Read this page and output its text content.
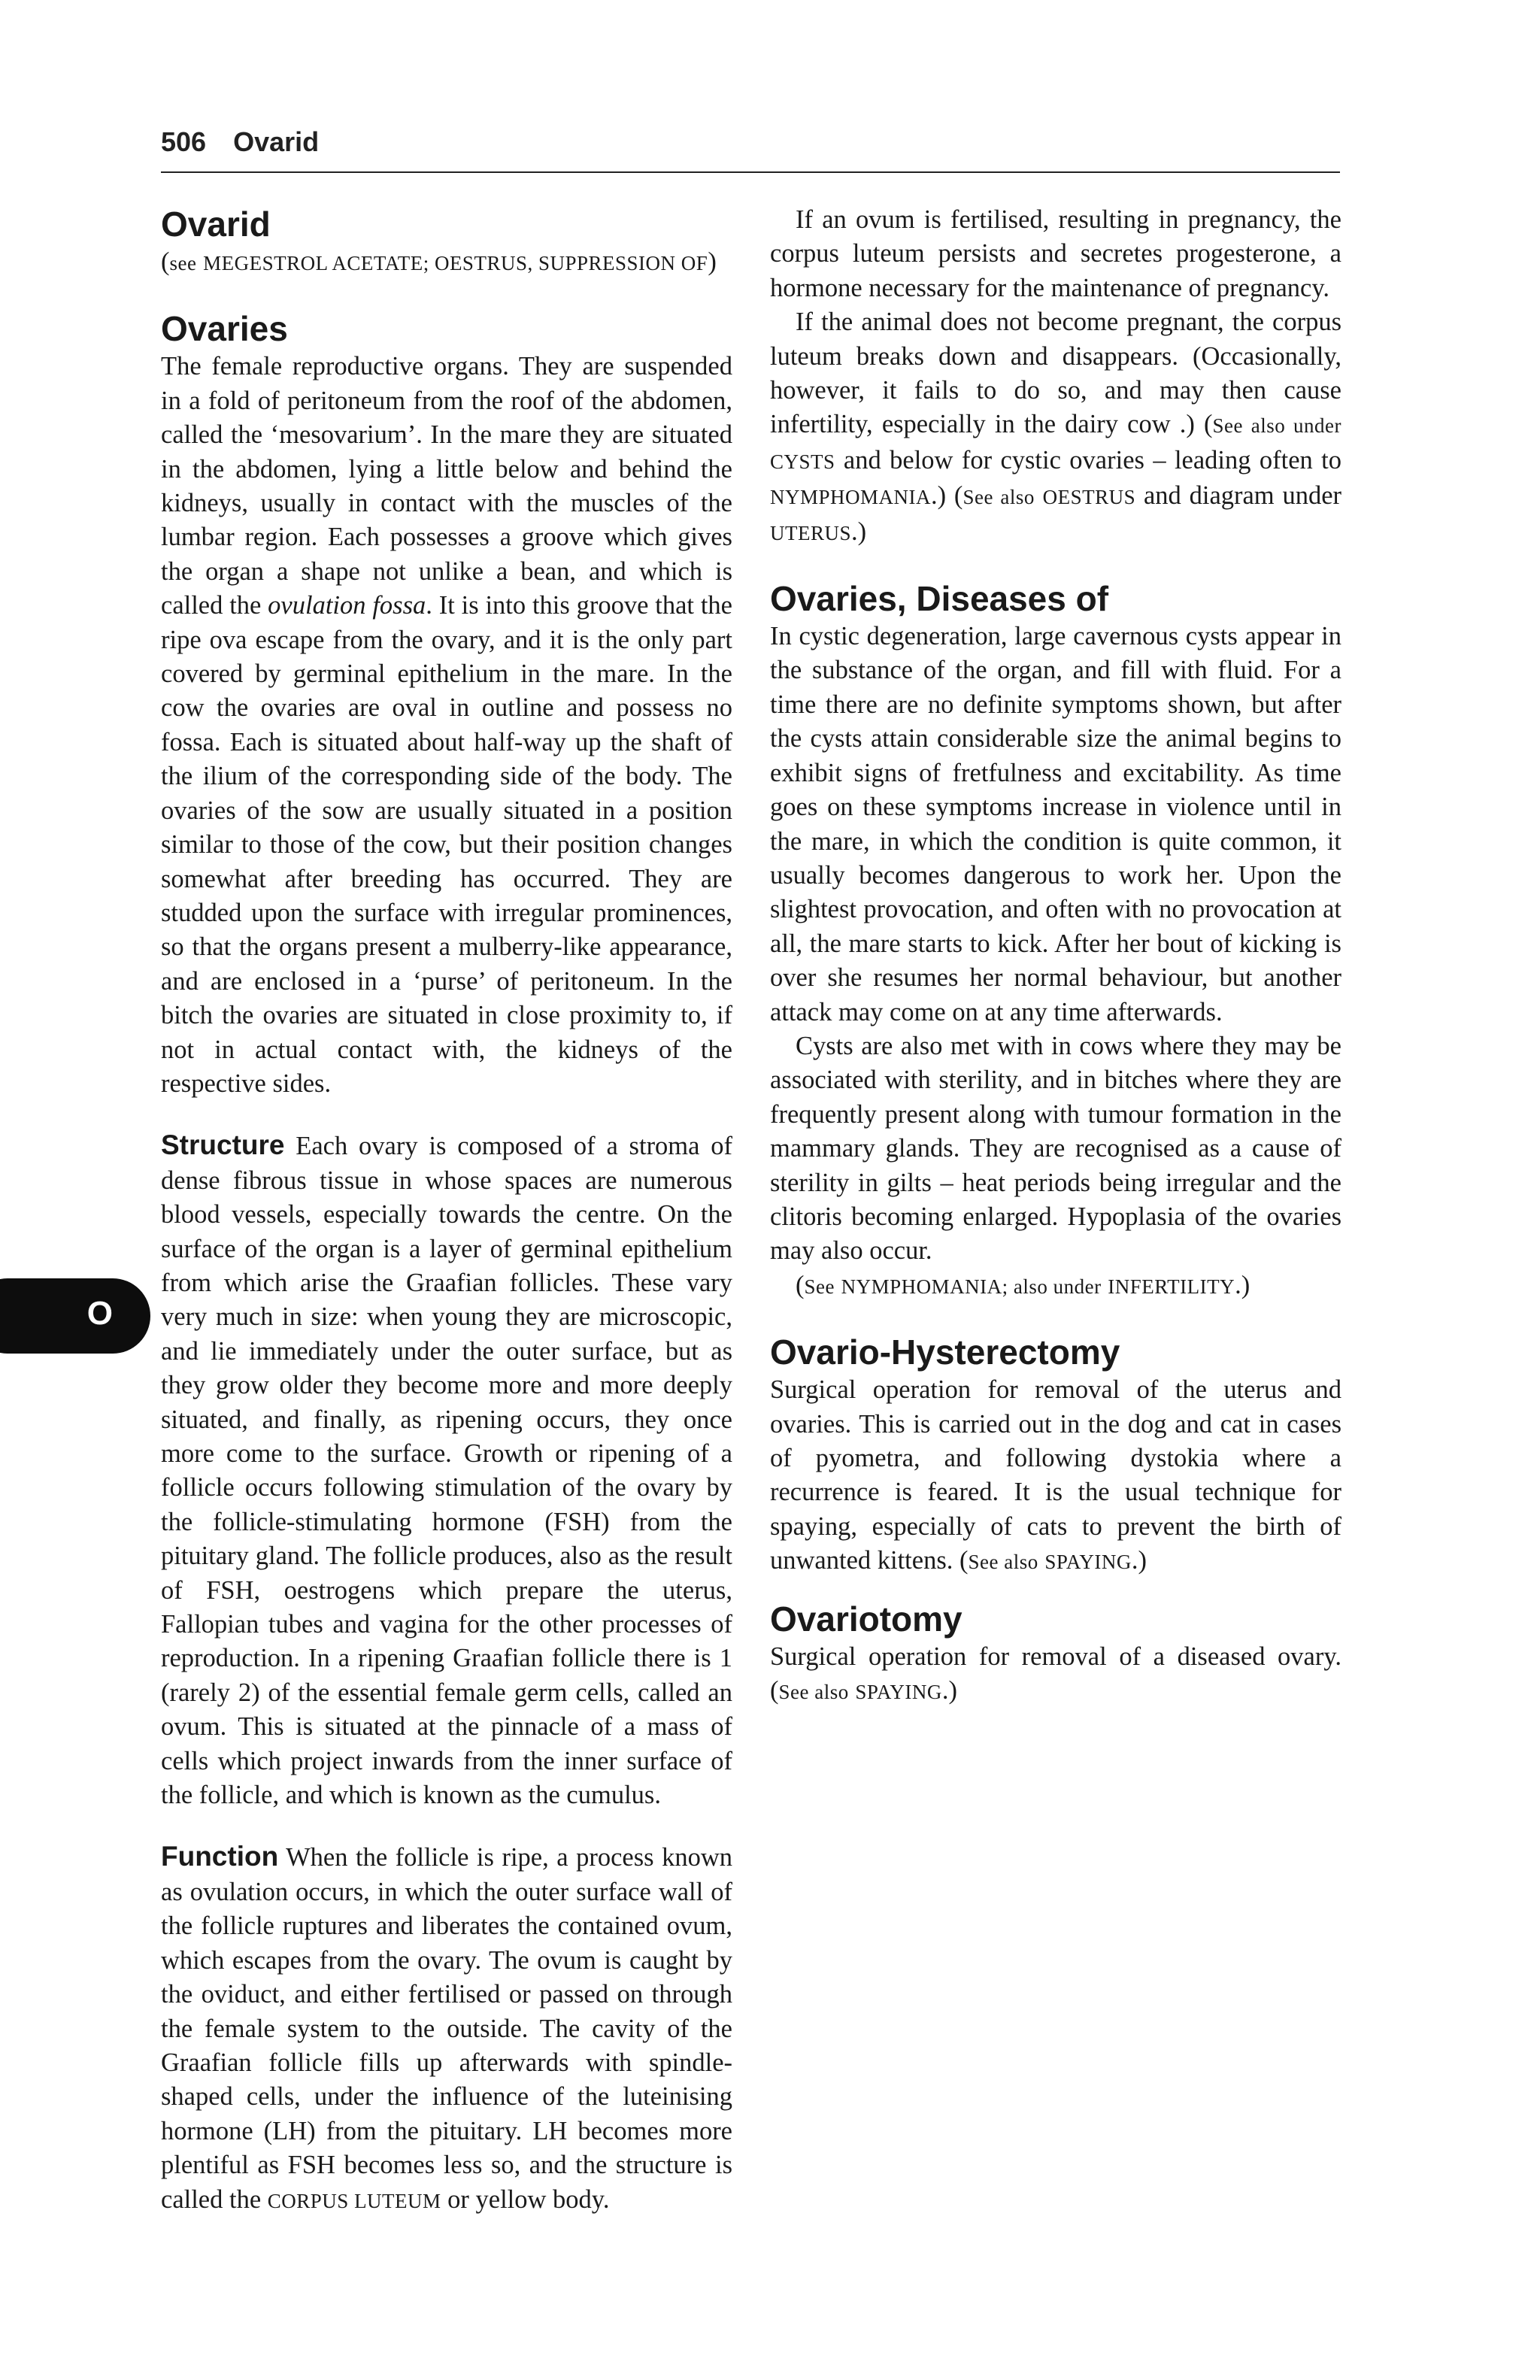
506 Ovarid
O
Ovarid

(see MEGESTROL ACETATE; OESTRUS, SUPPRESSION OF)

Ovaries

The female reproductive organs. They are suspended in a fold of peritoneum from the roof of the abdomen, called the ‘mesovarium’. In the mare they are situated in the abdomen, lying a little below and behind the kidneys, usually in contact with the muscles of the lumbar region. Each possesses a groove which gives the organ a shape not unlike a bean, and which is called the ovulation fossa. It is into this groove that the ripe ova escape from the ovary, and it is the only part covered by germinal epithelium in the mare. In the cow the ovaries are oval in outline and possess no fossa. Each is situated about half-way up the shaft of the ilium of the corresponding side of the body. The ovaries of the sow are usually situated in a position similar to those of the cow, but their position changes somewhat after breeding has occurred. They are studded upon the surface with irregular prominences, so that the organs present a mulberry-like appearance, and are enclosed in a ‘purse’ of peritoneum. In the bitch the ovaries are situated in close proximity to, if not in actual contact with, the kidneys of the respective sides.

Structure Each ovary is composed of a stroma of dense fibrous tissue in whose spaces are numerous blood vessels, especially towards the centre. On the surface of the organ is a layer of germinal epithelium from which arise the Graafian follicles. These vary very much in size: when young they are microscopic, and lie immediately under the outer surface, but as they grow older they become more and more deeply situated, and finally, as ripening occurs, they once more come to the surface. Growth or ripening of a follicle occurs following stimulation of the ovary by the follicle-stimulating hormone (FSH) from the pituitary gland. The follicle produces, also as the result of FSH, oestrogens which prepare the uterus, Fallopian tubes and vagina for the other processes of reproduction. In a ripening Graafian follicle there is 1 (rarely 2) of the essential female germ cells, called an ovum. This is situated at the pinnacle of a mass of cells which project inwards from the inner surface of the follicle, and which is known as the cumulus.

Function When the follicle is ripe, a process known as ovulation occurs, in which the outer surface wall of the follicle ruptures and liberates the contained ovum, which escapes from the ovary. The ovum is caught by the oviduct, and either fertilised or passed on through the female system to the outside. The cavity of the Graafian follicle fills up afterwards with spindle-shaped cells, under the influence of the luteinising hormone (LH) from the pituitary. LH becomes more plentiful as FSH becomes less so, and the structure is called the CORPUS LUTEUM or yellow body.

If an ovum is fertilised, resulting in pregnancy, the corpus luteum persists and secretes progesterone, a hormone necessary for the maintenance of pregnancy.

If the animal does not become pregnant, the corpus luteum breaks down and disappears. (Occasionally, however, it fails to do so, and may then cause infertility, especially in the dairy cow .) (See also under CYSTS and below for cystic ovaries – leading often to NYMPHOMANIA.) (See also OESTRUS and diagram under UTERUS.)

Ovaries, Diseases of

In cystic degeneration, large cavernous cysts appear in the substance of the organ, and fill with fluid. For a time there are no definite symptoms shown, but after the cysts attain considerable size the animal begins to exhibit signs of fretfulness and excitability. As time goes on these symptoms increase in violence until in the mare, in which the condition is quite common, it usually becomes dangerous to work her. Upon the slightest provocation, and often with no provocation at all, the mare starts to kick. After her bout of kicking is over she resumes her normal behaviour, but another attack may come on at any time afterwards.

Cysts are also met with in cows where they may be associated with sterility, and in bitches where they are frequently present along with tumour formation in the mammary glands. They are recognised as a cause of sterility in gilts – heat periods being irregular and the clitoris becoming enlarged. Hypoplasia of the ovaries may also occur.

(See NYMPHOMANIA; also under INFERTILITY.)

Ovario-Hysterectomy

Surgical operation for removal of the uterus and ovaries. This is carried out in the dog and cat in cases of pyometra, and following dystokia where a recurrence is feared. It is the usual technique for spaying, especially of cats to prevent the birth of unwanted kittens. (See also SPAYING.)

Ovariotomy

Surgical operation for removal of a diseased ovary. (See also SPAYING.)
